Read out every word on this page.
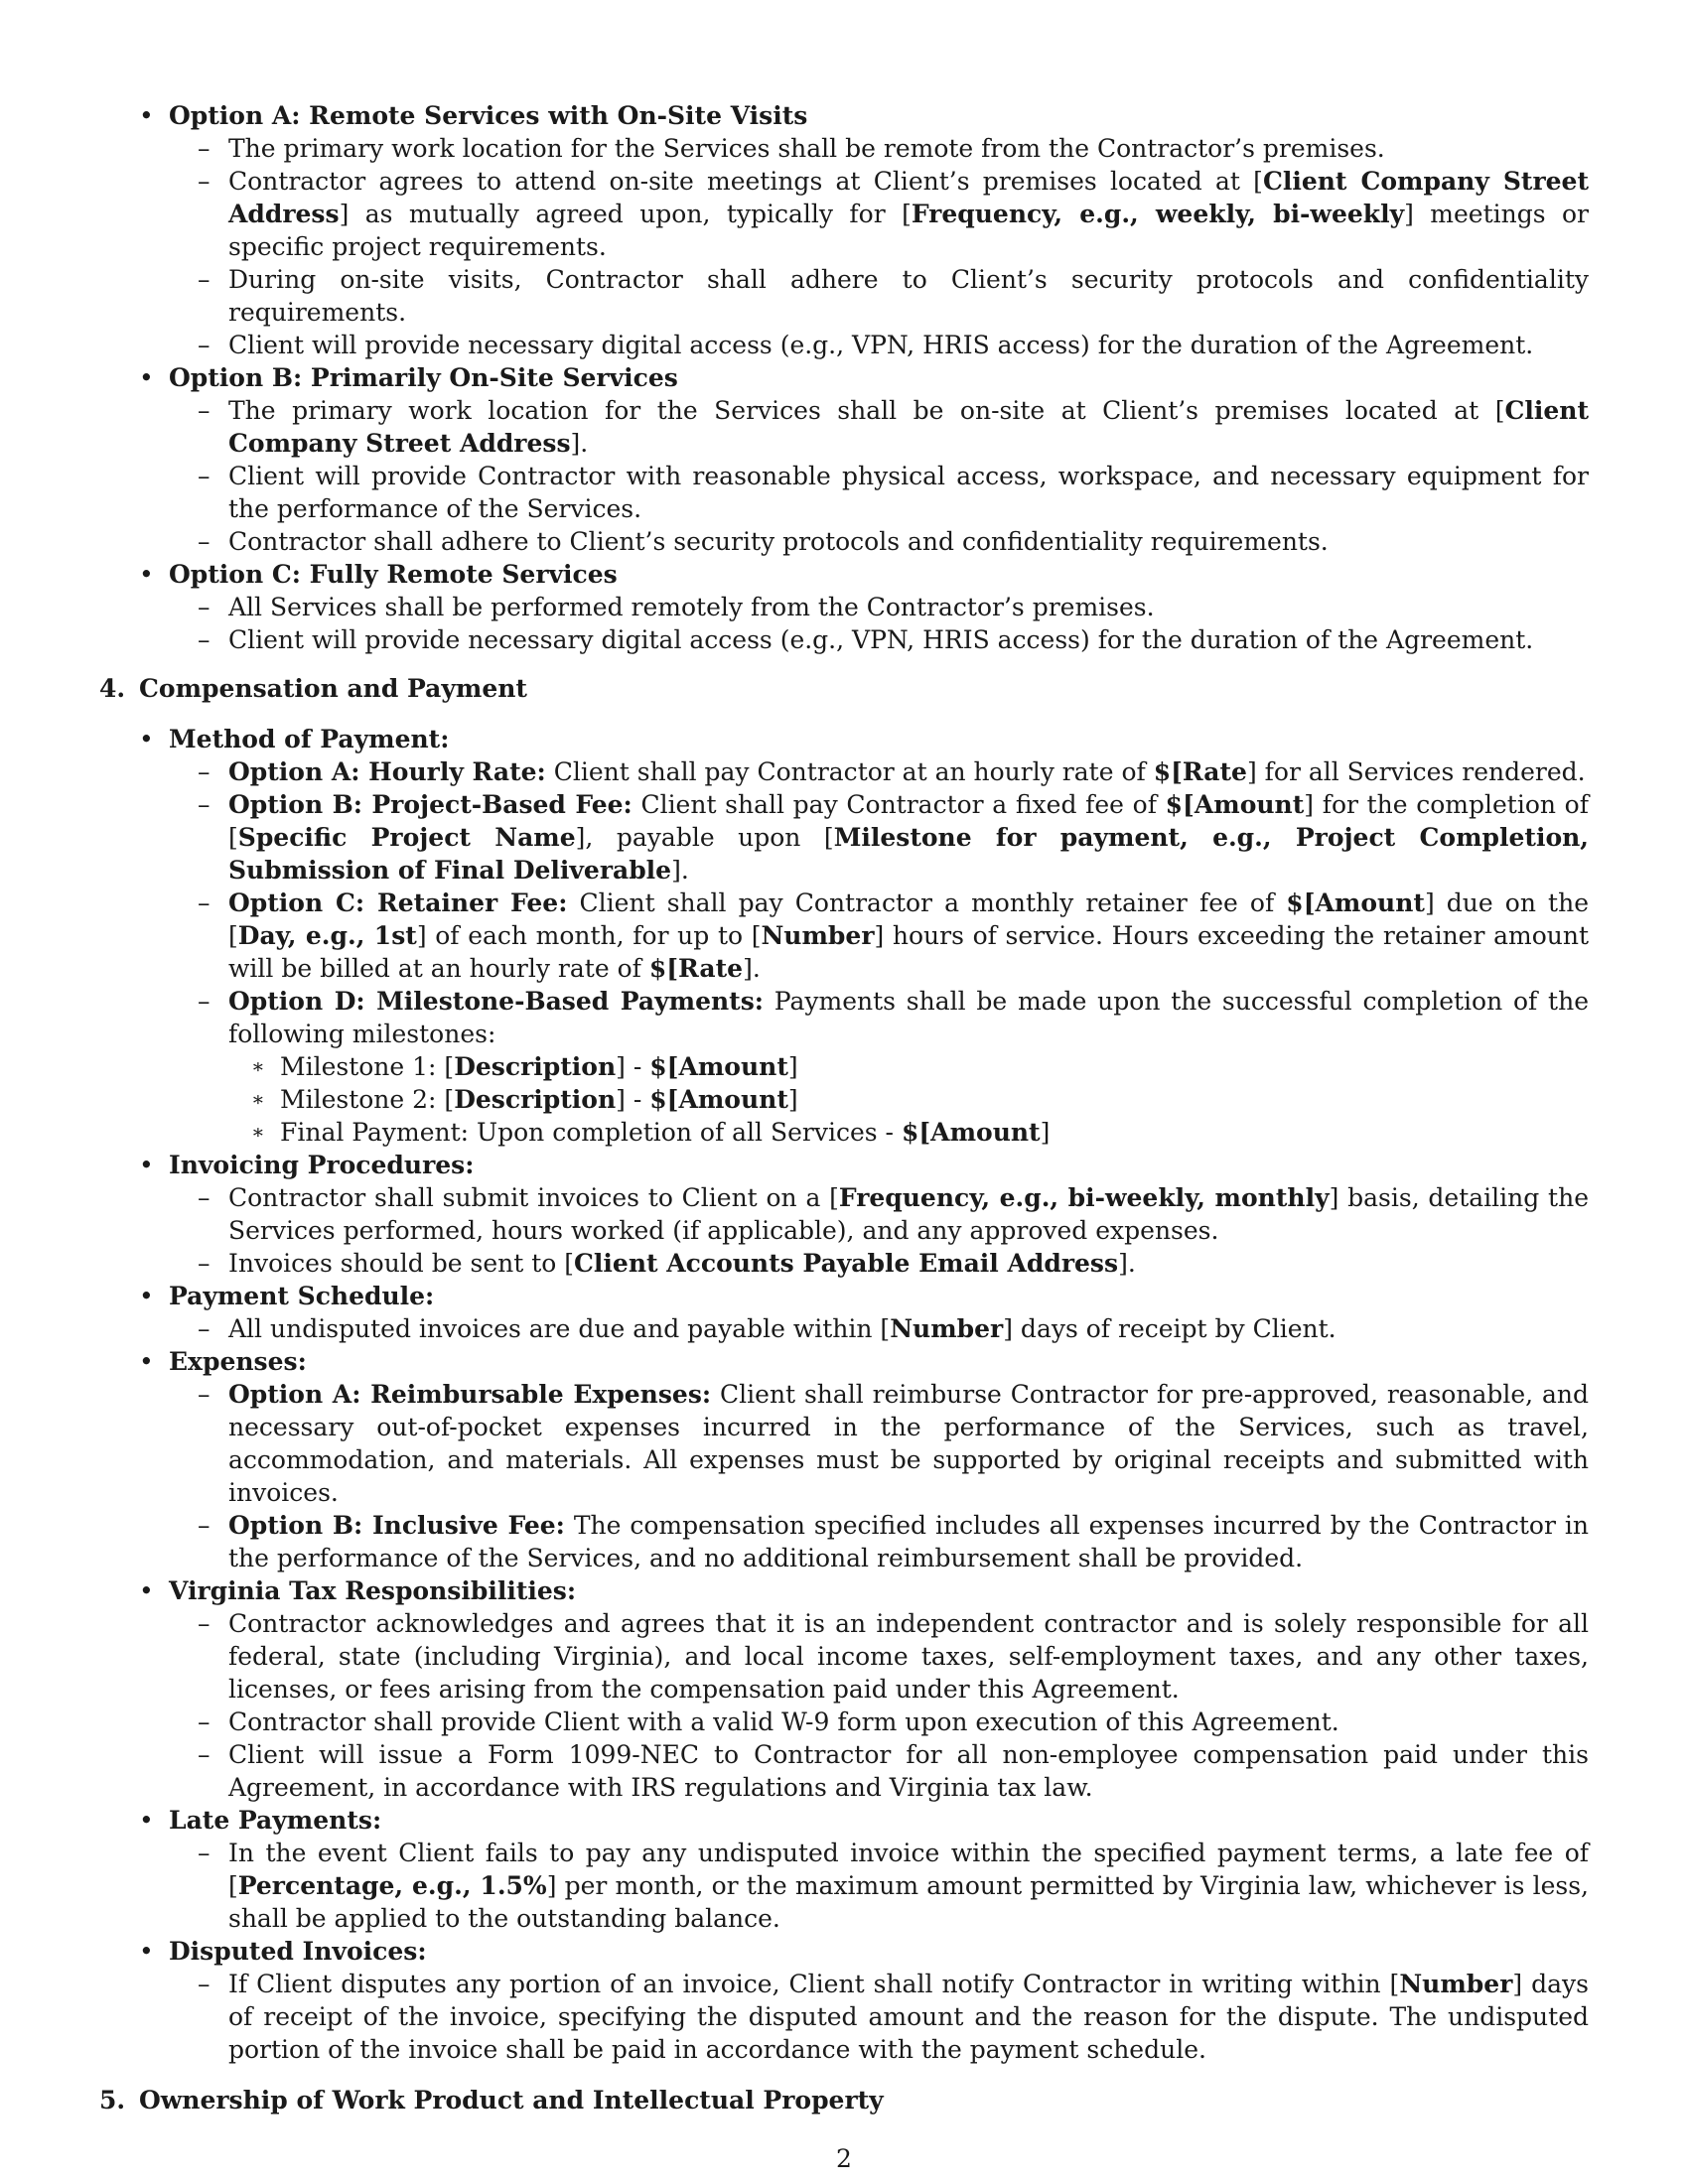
• Option A: Remote Services with On-Site Visits
– The primary work location for the Services shall be remote from the Contractor’s premises.
– Contractor agrees to attend on-site meetings at Client’s premises located at [Client Company Street Address] as mutually agreed upon, typically for [Frequency, e.g., weekly, bi-weekly] meetings or specific project requirements.
– During on-site visits, Contractor shall adhere to Client’s security protocols and confidentiality requirements.
– Client will provide necessary digital access (e.g., VPN, HRIS access) for the duration of the Agreement.
• Option B: Primarily On-Site Services
– The primary work location for the Services shall be on-site at Client’s premises located at [Client Company Street Address].
– Client will provide Contractor with reasonable physical access, workspace, and necessary equipment for the performance of the Services.
– Contractor shall adhere to Client’s security protocols and confidentiality requirements.
• Option C: Fully Remote Services
– All Services shall be performed remotely from the Contractor’s premises.
– Client will provide necessary digital access (e.g., VPN, HRIS access) for the duration of the Agreement.
4. Compensation and Payment
• Method of Payment:
– Option A: Hourly Rate: Client shall pay Contractor at an hourly rate of $[Rate] for all Services rendered.
– Option B: Project-Based Fee: Client shall pay Contractor a fixed fee of $[Amount] for the completion of [Specific Project Name], payable upon [Milestone for payment, e.g., Project Completion, Submission of Final Deliverable].
– Option C: Retainer Fee: Client shall pay Contractor a monthly retainer fee of $[Amount] due on the [Day, e.g., 1st] of each month, for up to [Number] hours of service. Hours exceeding the retainer amount will be billed at an hourly rate of $[Rate].
– Option D: Milestone-Based Payments: Payments shall be made upon the successful completion of the following milestones:
∗ Milestone 1: [Description] - $[Amount]
∗ Milestone 2: [Description] - $[Amount]
∗ Final Payment: Upon completion of all Services - $[Amount]
• Invoicing Procedures:
– Contractor shall submit invoices to Client on a [Frequency, e.g., bi-weekly, monthly] basis, detailing the Services performed, hours worked (if applicable), and any approved expenses.
– Invoices should be sent to [Client Accounts Payable Email Address].
• Payment Schedule:
– All undisputed invoices are due and payable within [Number] days of receipt by Client.
• Expenses:
– Option A: Reimbursable Expenses: Client shall reimburse Contractor for pre-approved, reasonable, and necessary out-of-pocket expenses incurred in the performance of the Services, such as travel, accommodation, and materials. All expenses must be supported by original receipts and submitted with invoices.
– Option B: Inclusive Fee: The compensation specified includes all expenses incurred by the Contractor in the performance of the Services, and no additional reimbursement shall be provided.
• Virginia Tax Responsibilities:
– Contractor acknowledges and agrees that it is an independent contractor and is solely responsible for all federal, state (including Virginia), and local income taxes, self-employment taxes, and any other taxes, licenses, or fees arising from the compensation paid under this Agreement.
– Contractor shall provide Client with a valid W-9 form upon execution of this Agreement.
– Client will issue a Form 1099-NEC to Contractor for all non-employee compensation paid under this Agreement, in accordance with IRS regulations and Virginia tax law.
• Late Payments:
– In the event Client fails to pay any undisputed invoice within the specified payment terms, a late fee of [Percentage, e.g., 1.5%] per month, or the maximum amount permitted by Virginia law, whichever is less, shall be applied to the outstanding balance.
• Disputed Invoices:
– If Client disputes any portion of an invoice, Client shall notify Contractor in writing within [Number] days of receipt of the invoice, specifying the disputed amount and the reason for the dispute. The undisputed portion of the invoice shall be paid in accordance with the payment schedule.
5. Ownership of Work Product and Intellectual Property
2
